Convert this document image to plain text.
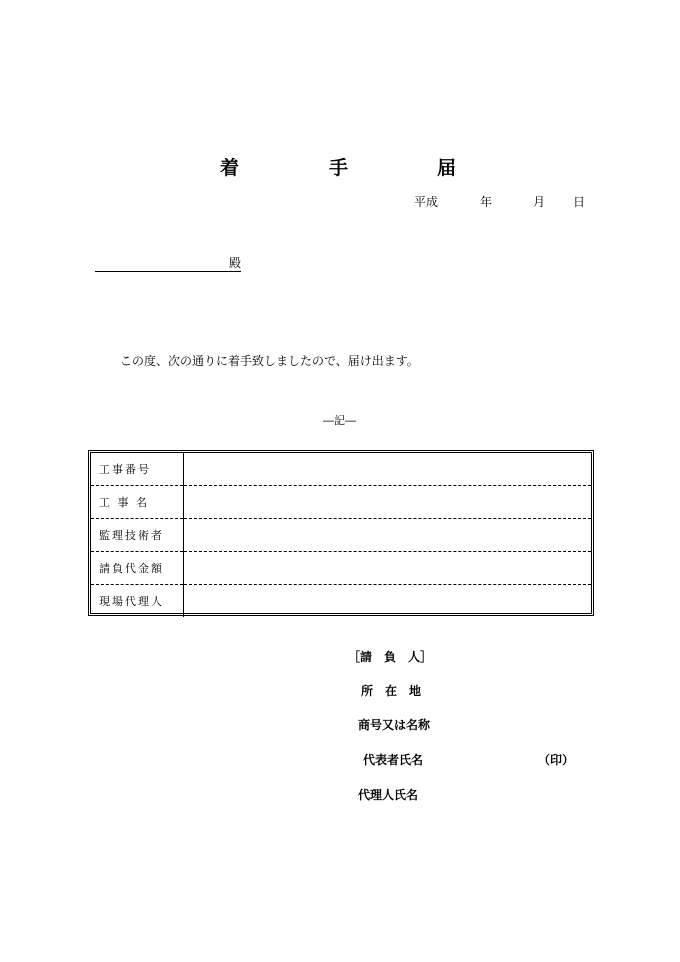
着	手	届
平成	年	月 日
殿
この度、次の通りに着手致しましたので、届け出ます。
―記―
工事番号	
工 事 名	
監理技術者	
請負代金額	
現場代理人	
［請　負　人］
所　在　地
商号又は名称
代表者氏名	（印）
代理人氏名
